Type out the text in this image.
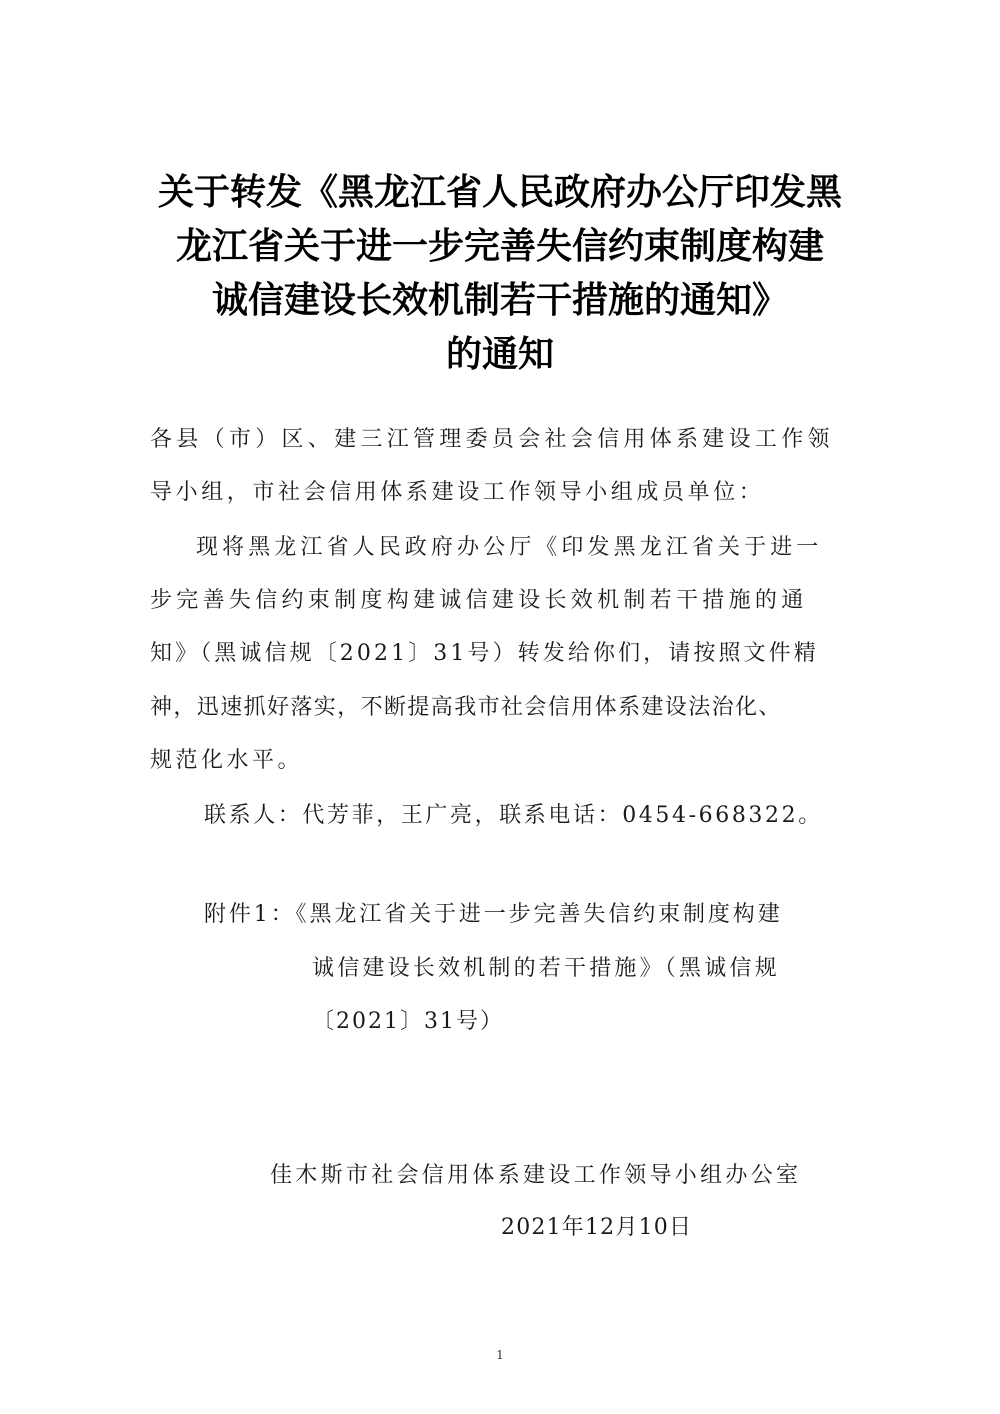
关于转发《黑龙江省人民政府办公厅印发黑
龙江省关于进一步完善失信约束制度构建
诚信建设长效机制若干措施的通知》
的通知
各县（市）区、建三江管理委员会社会信用体系建设工作领
导小组，市社会信用体系建设工作领导小组成员单位：
现将黑龙江省人民政府办公厅《印发黑龙江省关于进一
步完善失信约束制度构建诚信建设长效机制若干措施的通
知》（黑诚信规〔2021〕31号）转发给你们，请按照文件精
神，迅速抓好落实，不断提高我市社会信用体系建设法治化、
规范化水平。
联系人：代芳菲，王广亮，联系电话：0454-668322。
附件1：《黑龙江省关于进一步完善失信约束制度构建
诚信建设长效机制的若干措施》（黑诚信规
〔2021〕31号）
佳木斯市社会信用体系建设工作领导小组办公室
2021年12月10日
1
